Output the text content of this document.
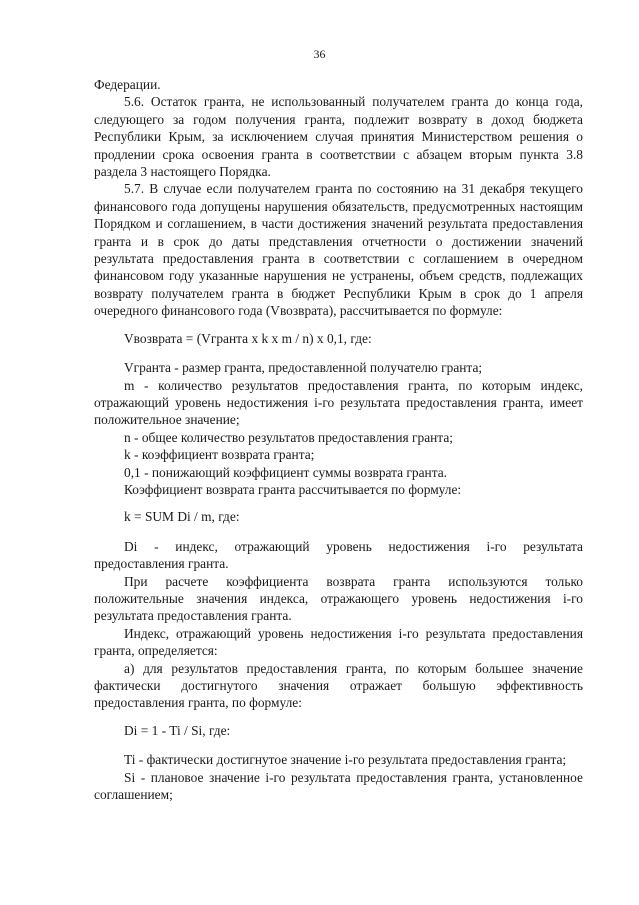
36

Федерации.

5.6. Остаток гранта, не использованный получателем гранта до конца года, следующего за годом получения гранта, подлежит возврату в доход бюджета Республики Крым, за исключением случая принятия Министерством решения о продлении срока освоения гранта в соответствии с абзацем вторым пункта 3.8 раздела 3 настоящего Порядка.

5.7. В случае если получателем гранта по состоянию на 31 декабря текущего финансового года допущены нарушения обязательств, предусмотренных настоящим Порядком и соглашением, в части достижения значений результата предоставления гранта и в срок до даты представления отчетности о достижении значений результата предоставления гранта в соответствии с соглашением в очередном финансовом году указанные нарушения не устранены, объем средств, подлежащих возврату получателем гранта в бюджет Республики Крым в срок до 1 апреля очередного финансового года (Vвозврата), рассчитывается по формуле:

Vвозврата = (Vгранта x k x m / n) x 0,1, где:

Vгранта - размер гранта, предоставленной получателю гранта;

m - количество результатов предоставления гранта, по которым индекс, отражающий уровень недостижения i-го результата предоставления гранта, имеет положительное значение;

n - общее количество результатов предоставления гранта;

k - коэффициент возврата гранта;

0,1 - понижающий коэффициент суммы возврата гранта.

Коэффициент возврата гранта рассчитывается по формуле:

k = SUM Di / m, где:

Di - индекс, отражающий уровень недостижения i-го результата предоставления гранта.

При расчете коэффициента возврата гранта используются только положительные значения индекса, отражающего уровень недостижения i-го результата предоставления гранта.

Индекс, отражающий уровень недостижения i-го результата предоставления гранта, определяется:

а) для результатов предоставления гранта, по которым большее значение фактически достигнутого значения отражает большую эффективность предоставления гранта, по формуле:

Di = 1 - Ti / Si, где:

Ti - фактически достигнутое значение i-го результата предоставления гранта;

Si - плановое значение i-го результата предоставления гранта, установленное соглашением;
